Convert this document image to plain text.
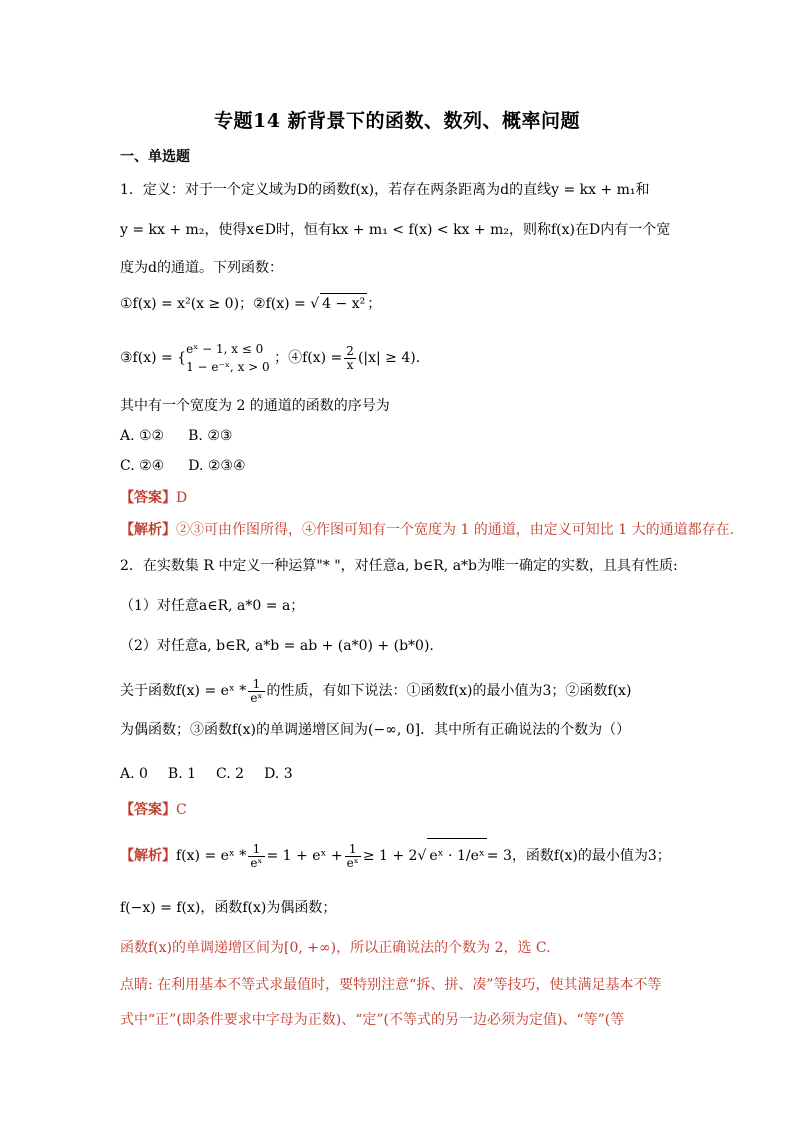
专题14 新背景下的函数、数列、概率问题
一、单选题
1．定义：对于一个定义域为D的函数f(x)，若存在两条距离为d的直线y = kx + m₁和
y = kx + m₂，使得x∈D时，恒有kx + m₁ < f(x) < kx + m₂，则称f(x)在D内有一个宽
度为d的通道。下列函数：
①f(x) = x²(x ≥ 0)；②f(x) = √ 4 − x² ；
③f(x) = {
eˣ − 1, x ≤ 0
1 − e⁻ˣ, x > 0
；④f(x) = $\frac{2}{x} (|x| \ge 4)$.
其中有一个宽度为 2 的通道的函数的序号为
A. ①② B. ②③
C. ②④ D. ②③④
【答案】D
【解析】②③可由作图所得，④作图可知有一个宽度为 1 的通道，由定义可知比 1 大的通道都存在.
2．在实数集 R 中定义一种运算"* "，对任意a, b∈R, a*b为唯一确定的实数，且具有性质:
（1）对任意a∈R, a*0 = a；
（2）对任意a, b∈R, a*b = ab + (a*0) + (b*0).
关于函数f(x) = eˣ * $\frac{1}{\text{eˣ}}$ 的性质，有如下说法：①函数f(x)的最小值为3；②函数f(x)
为偶函数；③函数f(x)的单调递增区间为(−∞, 0]．其中所有正确说法的个数为（）
A. 0 B. 1 C. 2 D. 3
【答案】C
【解析】f(x) = eˣ * $\frac{1}{\text{eˣ}} = 1$ + eˣ + $\frac{1}{\text{eˣ}} \ge 1 + 2√$ eˣ · 1/eˣ = 3，函数f(x)的最小值为3；
f(−x) = f(x)，函数f(x)为偶函数；
函数f(x)的单调递增区间为[0, +∞)，所以正确说法的个数为 2，选 C.
点睛: 在利用基本不等式求最值时，要特别注意“拆、拼、凑”等技巧，使其满足基本不等
式中“正”(即条件要求中字母为正数)、“定”(不等式的另一边必须为定值)、“等”(等
